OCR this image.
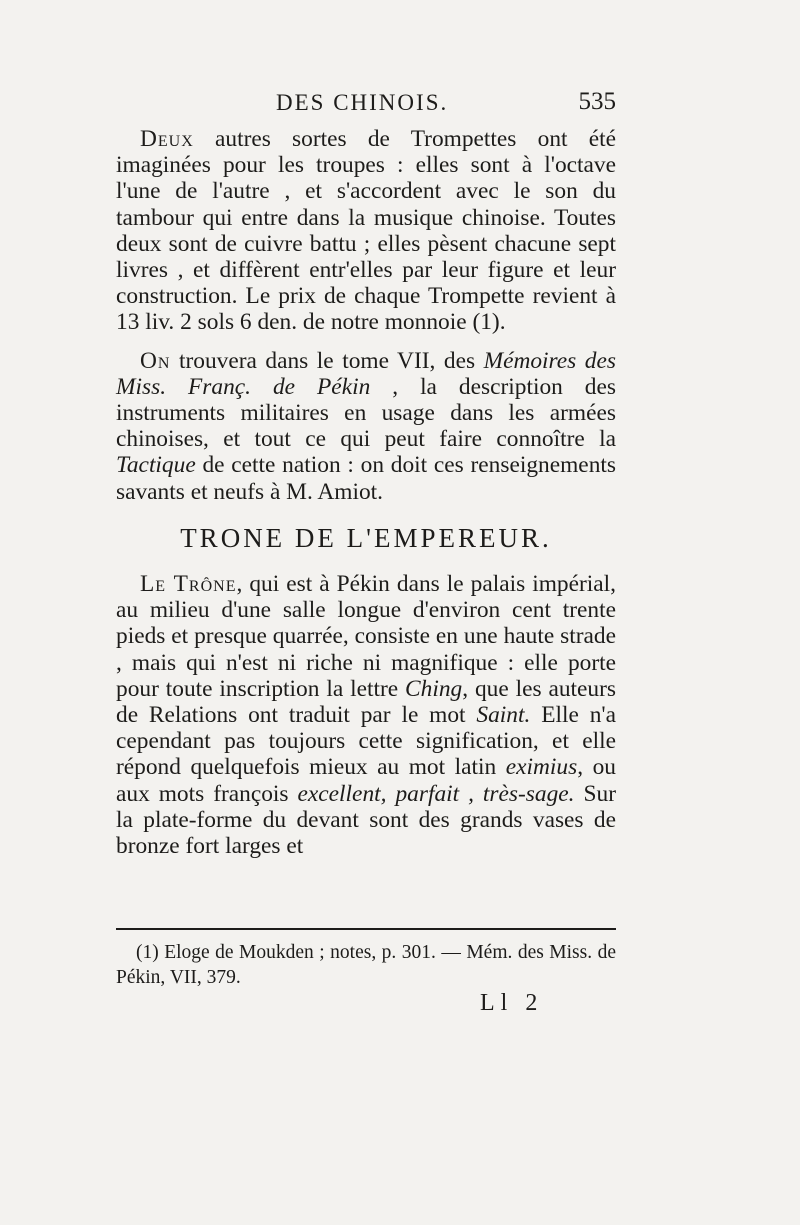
DES CHINOIS.	535

Deux autres sortes de Trompettes ont été imaginées pour les troupes : elles sont à l'octave l'une de l'autre , et s'accordent avec le son du tambour qui entre dans la musique chinoise. Toutes deux sont de cuivre battu ; elles pèsent chacune sept livres , et diffèrent entr'elles par leur figure et leur construction. Le prix de chaque Trompette revient à 13 liv. 2 sols 6 den. de notre monnoie (1).

On trouvera dans le tome VII, des Mémoires des Miss. Franç. de Pékin , la description des instruments militaires en usage dans les armées chinoises, et tout ce qui peut faire connoître la Tactique de cette nation : on doit ces renseignements savants et neufs à M. Amiot.

TRONE DE L'EMPEREUR.

Le Trône, qui est à Pékin dans le palais impérial, au milieu d'une salle longue d'environ cent trente pieds et presque quarrée, consiste en une haute strade , mais qui n'est ni riche ni magnifique : elle porte pour toute inscription la lettre Ching, que les auteurs de Relations ont traduit par le mot Saint. Elle n'a cependant pas toujours cette signification, et elle répond quelquefois mieux au mot latin eximius, ou aux mots françois excellent, parfait , très-sage. Sur la plate-forme du devant sont des grands vases de bronze fort larges et

(1) Eloge de Moukden ; notes, p. 301. — Mém. des Miss. de Pékin, VII, 379.
Ll 2
